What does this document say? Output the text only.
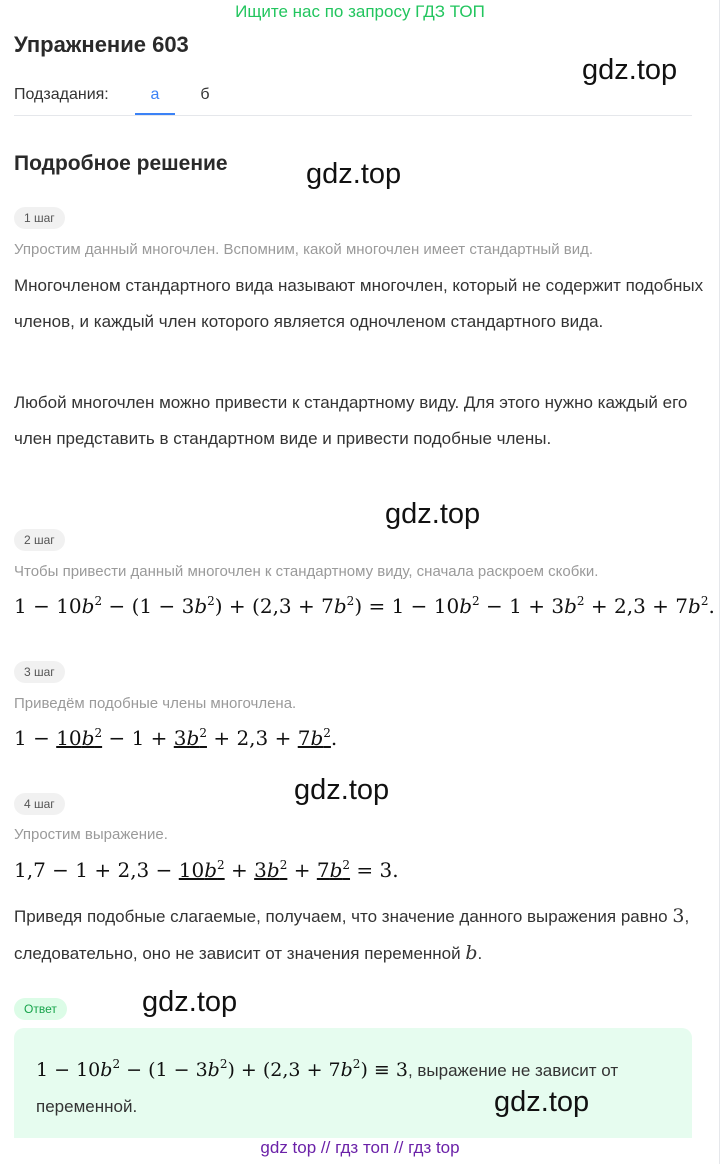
Ищите нас по запросу ГДЗ ТОП
Упражнение 603
gdz.top
Подзадания:	а	б
Подробное решение	gdz.top
1 шаг
Упростим данный многочлен. Вспомним, какой многочлен имеет стандартный вид.
Многочленом стандартного вида называют многочлен, который не содержит подобных членов, и каждый член которого является одночленом стандартного вида.
Любой многочлен можно привести к стандартному виду. Для этого нужно каждый его член представить в стандартном виде и привести подобные члены.
gdz.top
2 шаг
Чтобы привести данный многочлен к стандартному виду, сначала раскроем скобки.
$1 - 10b^2 - (1 - 3b^2) + (2,3 + 7b^2) = 1 - 10b^2 - 1 + 3b^2 + 2,3 + 7b^2$.
3 шаг
Приведём подобные члены многочлена.
$1 - 10b^2 - 1 + 3b^2 + 2,3 + 7b^2$.
gdz.top
4 шаг
Упростим выражение.
$1,7 - 1 + 2,3 - 10b^2 + 3b^2 + 7b^2 = 3$.
Приведя подобные слагаемые, получаем, что значение данного выражения равно 3, следовательно, оно не зависит от значения переменной b.
Ответ	gdz.top
$1 - 10b^2 - (1 - 3b^2) + (2,3 + 7b^2) \equiv 3$, выражение не зависит от переменной.	gdz.top
gdz top // гдз топ // гдз top
